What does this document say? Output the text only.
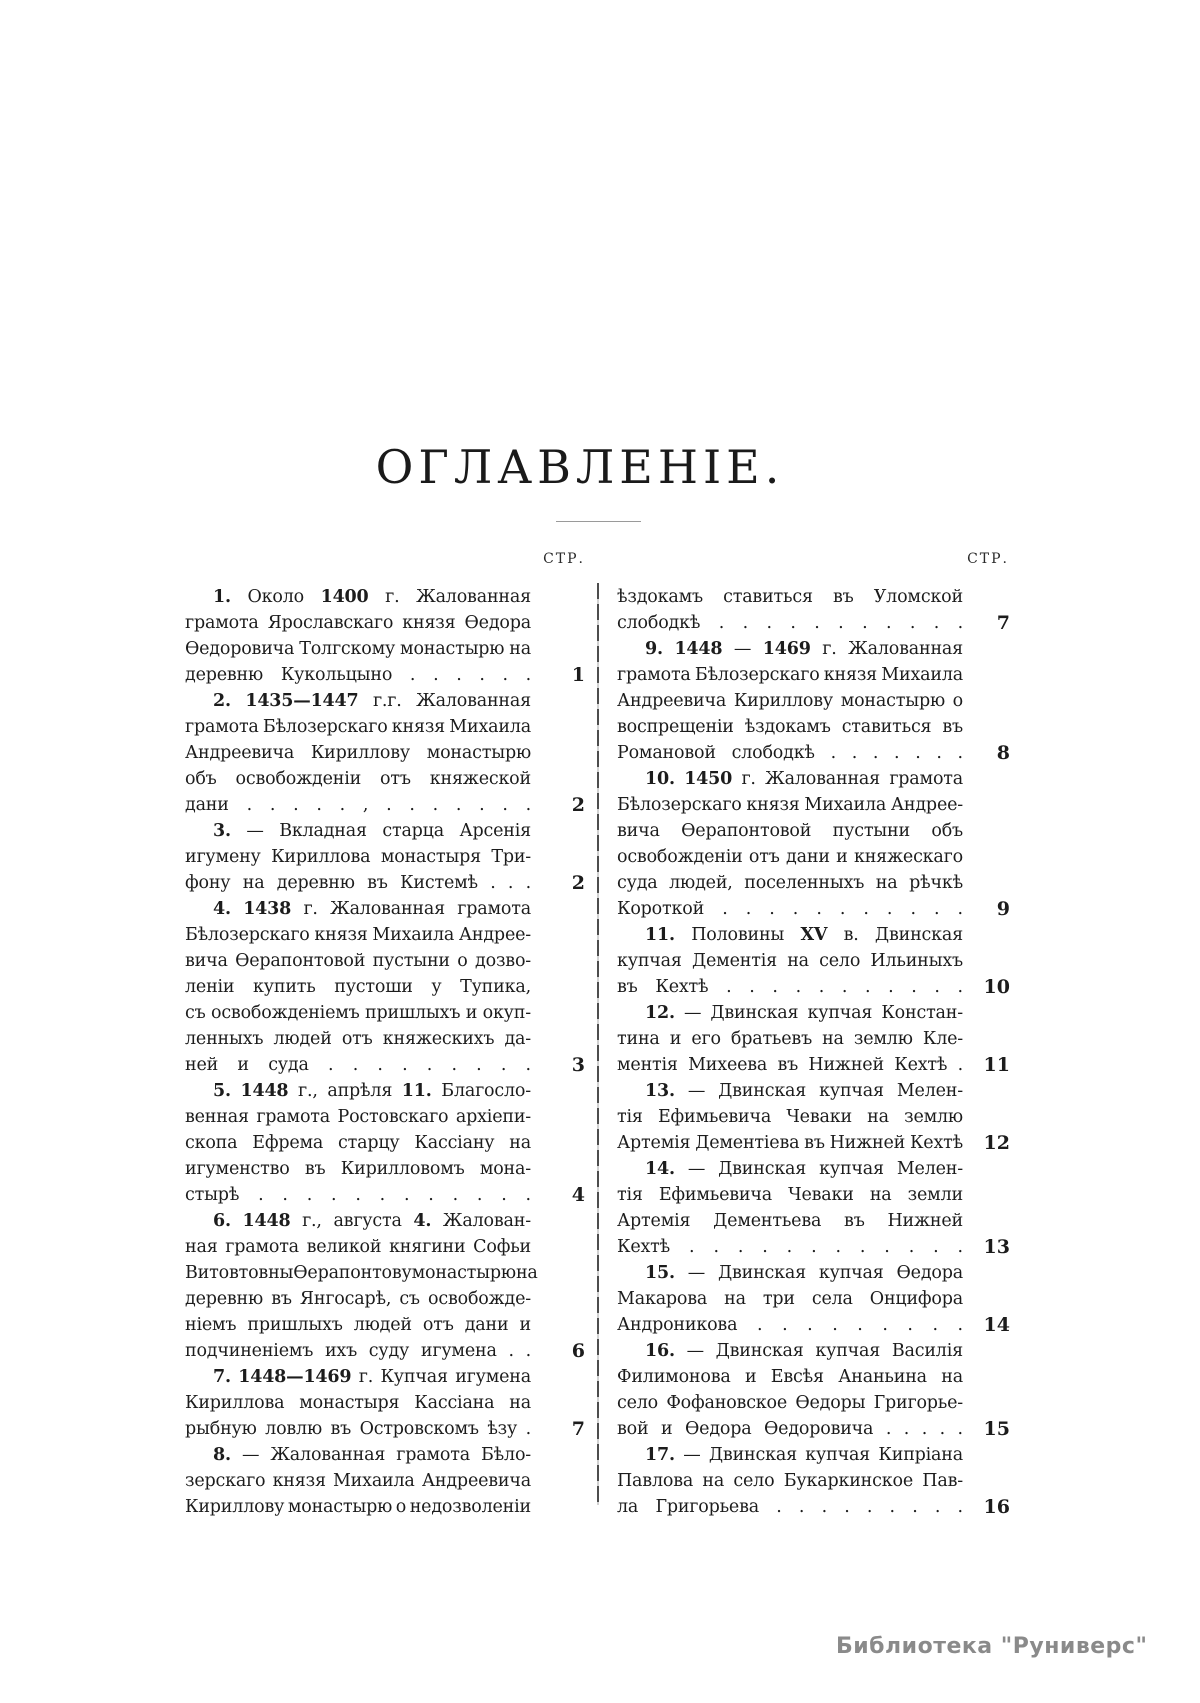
ОГЛАВЛЕНІЕ.
СТР.	СТР.
1. Около 1400 г. Жалованная
грамота Ярославскаго князя Ѳедора
Ѳедоровича Толгскому монастырю на
деревню Кукольцыно . . . . . .	1
2. 1435—1447 г.г. Жалованная
грамота Бѣлозерскаго князя Михаила
Андреевича Кириллову монастырю
объ освобожденіи отъ княжеской
дани . . . . . , . . . . . . .	2
3. — Вкладная старца Арсенія
игумену Кириллова монастыря Три-
фону на деревню въ Кистемѣ . . .	2
4. 1438 г. Жалованная грамота
Бѣлозерскаго князя Михаила Андрее-
вича Ѳерапонтовой пустыни о дозво-
леніи купить пустоши у Тупика,
съ освобожденіемъ пришлыхъ и окуп-
ленныхъ людей отъ княжескихъ да-
ней и суда . . . . . . . . .	3
5. 1448 г., апрѣля 11. Благосло-
венная грамота Ростовскаго архіепи-
скопа Ефрема старцу Кассіану на
игуменство въ Кирилловомъ мона-
стырѣ . . . . . . . . . . . .	4
6. 1448 г., августа 4. Жалован-
ная грамота великой княгини Софьи
Витовтовны Ѳерапонтову монастырю на
деревню въ Янгосарѣ, съ освобожде-
ніемъ пришлыхъ людей отъ дани и
подчиненіемъ ихъ суду игумена . .	6
7. 1448—1469 г. Купчая игумена
Кириллова монастыря Кассіана на
рыбную ловлю въ Островскомъ ѣзу .	7
8. — Жалованная грамота Бѣло-
зерскаго князя Михаила Андреевича
Кириллову монастырю о недозволеніи
ѣздокамъ ставиться въ Уломской
слободкѣ . . . . . . . . . . .	7
9. 1448 — 1469 г. Жалованная
грамота Бѣлозерскаго князя Михаила
Андреевича Кириллову монастырю о
воспрещеніи ѣздокамъ ставиться въ
Романовой слободкѣ . . . . . . .	8
10. 1450 г. Жалованная грамота
Бѣлозерскаго князя Михаила Андрее-
вича Ѳерапонтовой пустыни объ
освобожденіи отъ дани и княжескаго
суда людей, поселенныхъ на рѣчкѣ
Короткой . . . . . . . . . . .	9
11. Половины XV в. Двинская
купчая Дементія на село Ильиныхъ
въ Кехтѣ . . . . . . . . . . .	10
12. — Двинская купчая Констан-
тина и его братьевъ на землю Кле-
ментія Михеева въ Нижней Кехтѣ .	11
13. — Двинская купчая Мелен-
тія Ефимьевича Чеваки на землю
Артемія Дементіева въ Нижней Кехтѣ	12
14. — Двинская купчая Мелен-
тія Ефимьевича Чеваки на земли
Артемія Дементьева въ Нижней
Кехтѣ . . . . . . . . . . . .	13
15. — Двинская купчая Ѳедора
Макарова на три села Онцифора
Андроникова . . . . . . . . .	14
16. — Двинская купчая Василія
Филимонова и Евсѣя Ананьина на
село Фофановское Ѳедоры Григорье-
вой и Ѳедора Ѳедоровича . . . . .	15
17. — Двинская купчая Кипріана
Павлова на село Букаркинское Пав-
ла Григорьева . . . . . . . . .	16
Библиотека "Руниверс"
